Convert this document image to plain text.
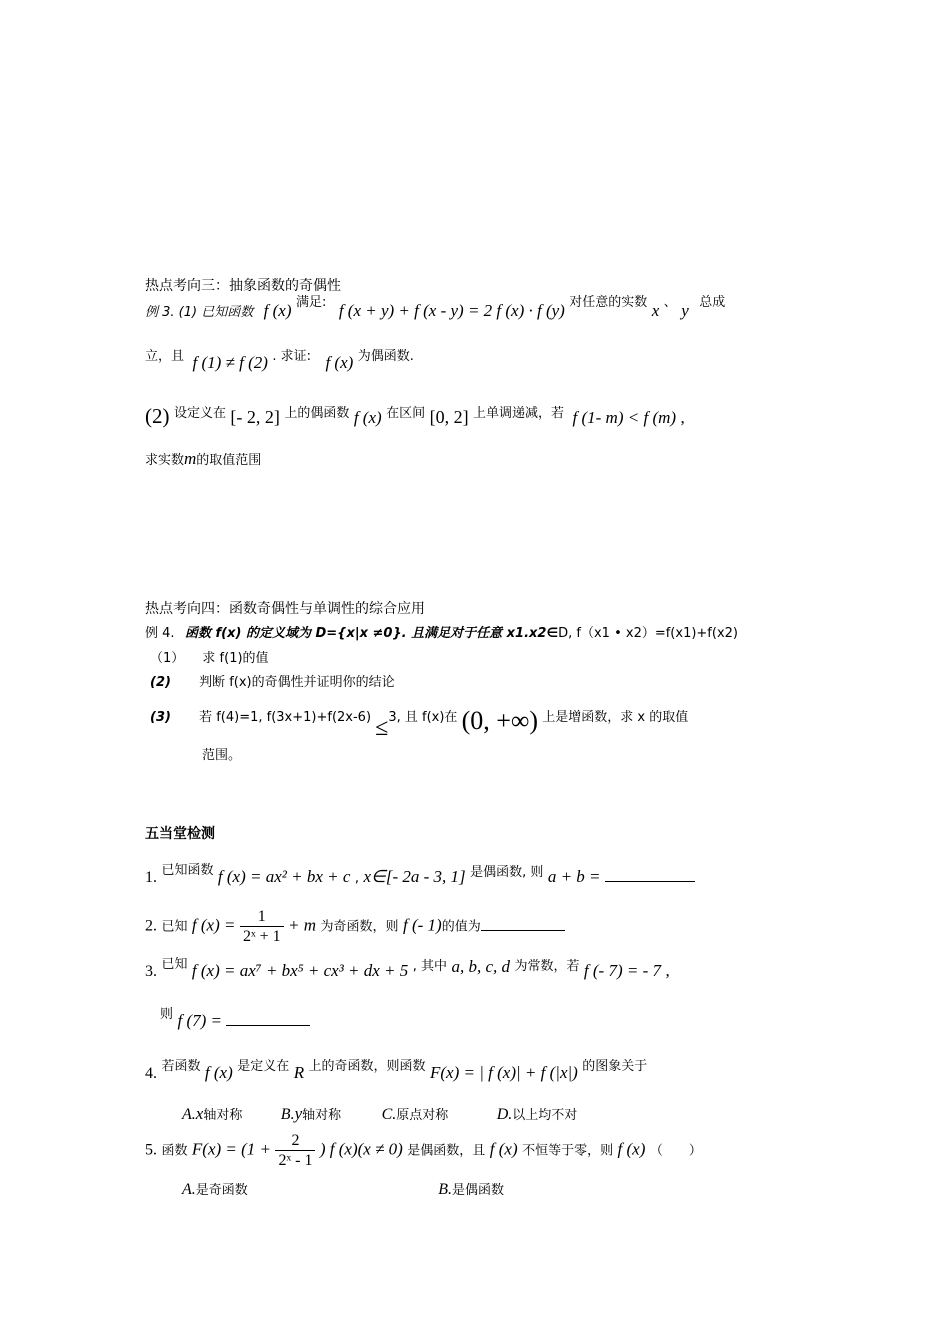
热点考向三：抽象函数的奇偶性
例 3. (1) 已知函数 f (x) 满足: f (x + y) + f (x - y) = 2 f (x) · f (y) 对任意的实数 x 、 y 总成
立，且 f (1) ≠ f (2) . 求证: f (x) 为偶函数.
(2) 设定义在 [- 2, 2] 上的偶函数 f (x) 在区间 [0, 2] 上单调递减，若 f (1- m) < f (m) ,
求实数m的取值范围
热点考向四：函数奇偶性与单调性的综合应用
例 4. 函数 f(x) 的定义域为 D={x|x ≠0}. 且满足对于任意 x1.x2∈D, f（x1 • x2）=f(x1)+f(x2)
（1） 求 f(1)的值
(2) 判断 f(x)的奇偶性并证明你的结论
(3) 若 f(4)=1, f(3x+1)+f(2x-6) ≤3, 且 f(x)在 (0, +∞) 上是增函数，求 x 的取值
范围。
五当堂检测
1. 已知函数 f (x) = ax² + bx + c , x∈[- 2a - 3, 1] 是偶函数, 则 a + b =
2. 已知 f $(x) = \frac{1}{\text{2ˣ + 1}} + m$ 为奇函数，则 f (- 1)的值为
3. 已知 f (x) = ax⁷ + bx⁵ + cx³ + dx + 5 , 其中 a, b, c, d 为常数，若 f (- 7) = - 7 ,
则 f (7) =
4. 若函数 f (x) 是定义在 R 上的奇函数，则函数 F(x) = | f (x)| + f (|x|) 的图象关于
A.x轴对称 B.y轴对称	C.原点对称	D.以上均不对
5. 函数 $F(x) = (1 + \frac{2}{\text{2ˣ - 1}}$ ) f (x)(x ≠ 0) 是偶函数，且 f (x) 不恒等于零，则 f (x) （　　）
A.是奇函数	B.是偶函数
